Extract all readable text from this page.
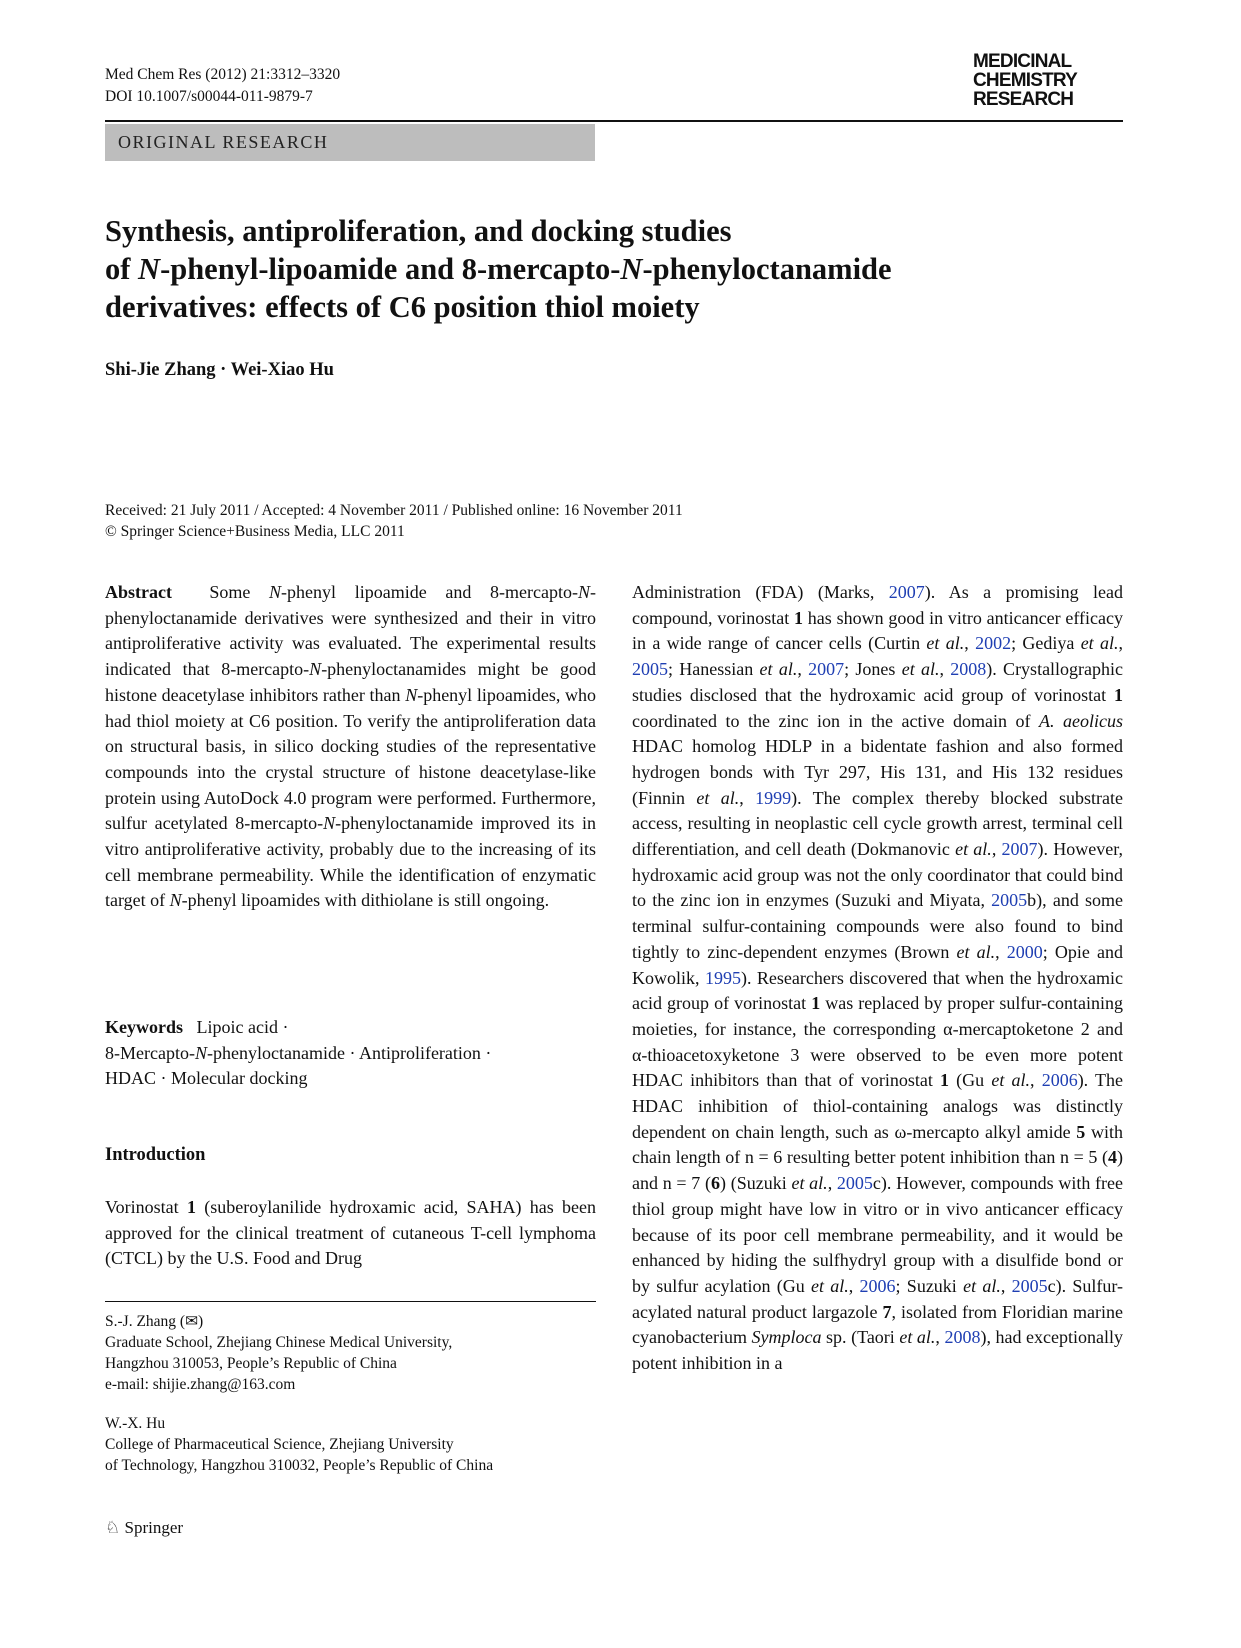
Med Chem Res (2012) 21:3312–3320
DOI 10.1007/s00044-011-9879-7
MEDICINAL
CHEMISTRY
RESEARCH
ORIGINAL RESEARCH
Synthesis, antiproliferation, and docking studies
of N-phenyl-lipoamide and 8-mercapto-N-phenyloctanamide
derivatives: effects of C6 position thiol moiety
Shi-Jie Zhang · Wei-Xiao Hu
Received: 21 July 2011 / Accepted: 4 November 2011 / Published online: 16 November 2011
© Springer Science+Business Media, LLC 2011

Abstract Some N-phenyl lipoamide and 8-mercapto-N-phenyloctanamide derivatives were synthesized and their in vitro antiproliferative activity was evaluated. The experimental results indicated that 8-mercapto-N-phenyloctanamides might be good histone deacetylase inhibitors rather than N-phenyl lipoamides, who had thiol moiety at C6 position. To verify the antiproliferation data on structural basis, in silico docking studies of the representative compounds into the crystal structure of histone deacetylase-like protein using AutoDock 4.0 program were performed. Furthermore, sulfur acetylated 8-mercapto-N-phenyloctanamide improved its in vitro antiproliferative activity, probably due to the increasing of its cell membrane permeability. While the identification of enzymatic target of N-phenyl lipoamides with dithiolane is still ongoing.

Keywords Lipoic acid ·
8-Mercapto-N-phenyloctanamide · Antiproliferation ·
HDAC · Molecular docking
Introduction
Vorinostat 1 (suberoylanilide hydroxamic acid, SAHA) has been approved for the clinical treatment of cutaneous T-cell lymphoma (CTCL) by the U.S. Food and Drug
S.-J. Zhang (✉)
Graduate School, Zhejiang Chinese Medical University,
Hangzhou 310053, People’s Republic of China
e-mail: shijie.zhang@163.com
W.-X. Hu
College of Pharmaceutical Science, Zhejiang University
of Technology, Hangzhou 310032, People’s Republic of China
♘ Springer
Administration (FDA) (Marks, 2007). As a promising lead compound, vorinostat 1 has shown good in vitro anticancer efficacy in a wide range of cancer cells (Curtin et al., 2002; Gediya et al., 2005; Hanessian et al., 2007; Jones et al., 2008). Crystallographic studies disclosed that the hydroxamic acid group of vorinostat 1 coordinated to the zinc ion in the active domain of A. aeolicus HDAC homolog HDLP in a bidentate fashion and also formed hydrogen bonds with Tyr 297, His 131, and His 132 residues (Finnin et al., 1999). The complex thereby blocked substrate access, resulting in neoplastic cell cycle growth arrest, terminal cell differentiation, and cell death (Dokmanovic et al., 2007). However, hydroxamic acid group was not the only coordinator that could bind to the zinc ion in enzymes (Suzuki and Miyata, 2005b), and some terminal sulfur-containing compounds were also found to bind tightly to zinc-dependent enzymes (Brown et al., 2000; Opie and Kowolik, 1995). Researchers discovered that when the hydroxamic acid group of vorinostat 1 was replaced by proper sulfur-containing moieties, for instance, the corresponding α-mercaptoketone 2 and α-thioacetoxyketone 3 were observed to be even more potent HDAC inhibitors than that of vorinostat 1 (Gu et al., 2006). The HDAC inhibition of thiol-containing analogs was distinctly dependent on chain length, such as ω-mercapto alkyl amide 5 with chain length of n = 6 resulting better potent inhibition than n = 5 (4) and n = 7 (6) (Suzuki et al., 2005c). However, compounds with free thiol group might have low in vitro or in vivo anticancer efficacy because of its poor cell membrane permeability, and it would be enhanced by hiding the sulfhydryl group with a disulfide bond or by sulfur acylation (Gu et al., 2006; Suzuki et al., 2005c). Sulfur-acylated natural product largazole 7, isolated from Floridian marine cyanobacterium Symploca sp. (Taori et al., 2008), had exceptionally potent inhibition in a
